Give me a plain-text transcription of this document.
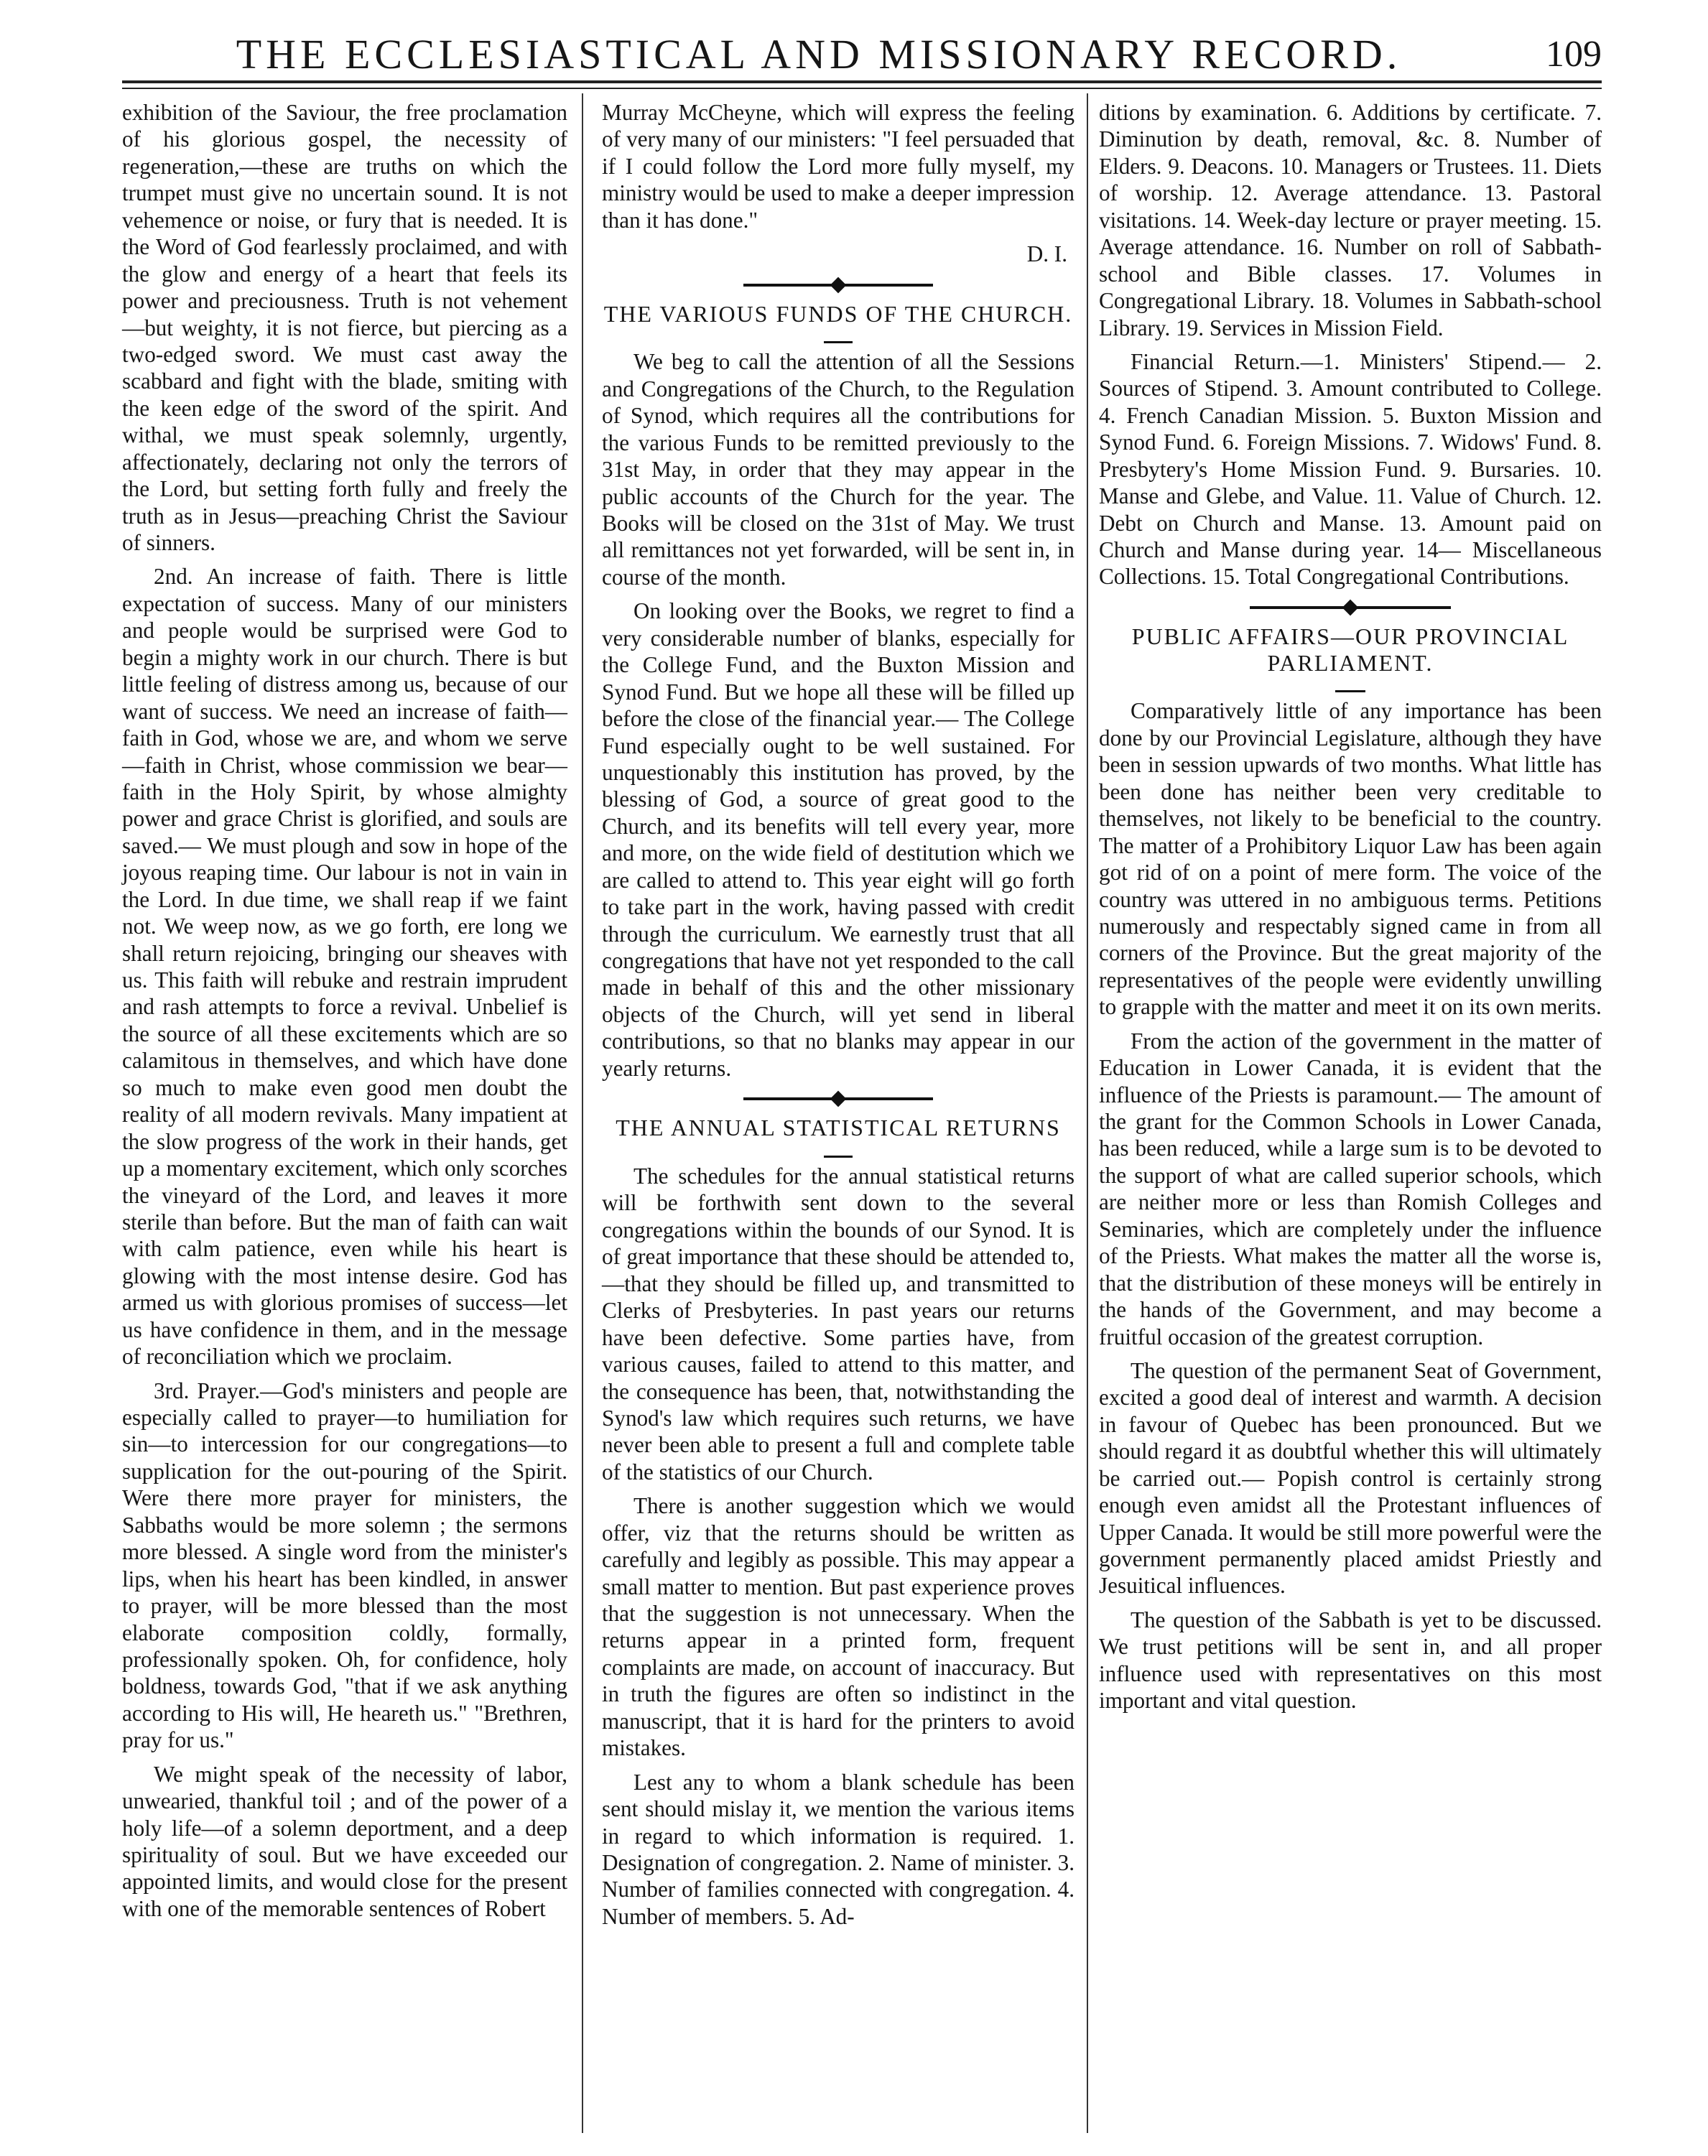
THE ECCLESIASTICAL AND MISSIONARY RECORD.	109

exhibition of the Saviour, the free proclamation of his glorious gospel, the necessity of regeneration,—these are truths on which the trumpet must give no uncertain sound. It is not vehemence or noise, or fury that is needed. It is the Word of God fearlessly proclaimed, and with the glow and energy of a heart that feels its power and preciousness. Truth is not vehement —but weighty, it is not fierce, but piercing as a two-edged sword. We must cast away the scabbard and fight with the blade, smiting with the keen edge of the sword of the spirit. And withal, we must speak solemnly, urgently, affectionately, declaring not only the terrors of the Lord, but setting forth fully and freely the truth as in Jesus—preaching Christ the Saviour of sinners.

2nd. An increase of faith. There is little expectation of success. Many of our ministers and people would be surprised were God to begin a mighty work in our church. There is but little feeling of distress among us, because of our want of success. We need an increase of faith—faith in God, whose we are, and whom we serve—faith in Christ, whose commission we bear—faith in the Holy Spirit, by whose almighty power and grace Christ is glorified, and souls are saved.— We must plough and sow in hope of the joyous reaping time. Our labour is not in vain in the Lord. In due time, we shall reap if we faint not. We weep now, as we go forth, ere long we shall return rejoicing, bringing our sheaves with us. This faith will rebuke and restrain imprudent and rash attempts to force a revival. Unbelief is the source of all these excitements which are so calamitous in themselves, and which have done so much to make even good men doubt the reality of all modern revivals. Many impatient at the slow progress of the work in their hands, get up a momentary excitement, which only scorches the vineyard of the Lord, and leaves it more sterile than before. But the man of faith can wait with calm patience, even while his heart is glowing with the most intense desire. God has armed us with glorious promises of success—let us have confidence in them, and in the message of reconciliation which we proclaim.

3rd. Prayer.—God's ministers and people are especially called to prayer—to humiliation for sin—to intercession for our congregations—to supplication for the out-pouring of the Spirit. Were there more prayer for ministers, the Sabbaths would be more solemn ; the sermons more blessed. A single word from the minister's lips, when his heart has been kindled, in answer to prayer, will be more blessed than the most elaborate composition coldly, formally, professionally spoken. Oh, for confidence, holy boldness, towards God, "that if we ask anything according to His will, He heareth us." "Brethren, pray for us."

We might speak of the necessity of labor, unwearied, thankful toil ; and of the power of a holy life—of a solemn deportment, and a deep spirituality of soul. But we have exceeded our appointed limits, and would close for the present with one of the memorable sentences of Robert

Murray McCheyne, which will express the feeling of very many of our ministers: "I feel persuaded that if I could follow the Lord more fully myself, my ministry would be used to make a deeper impression than it has done."

D. I.

THE VARIOUS FUNDS OF THE CHURCH.

We beg to call the attention of all the Sessions and Congregations of the Church, to the Regulation of Synod, which requires all the contributions for the various Funds to be remitted previously to the 31st May, in order that they may appear in the public accounts of the Church for the year. The Books will be closed on the 31st of May. We trust all remittances not yet forwarded, will be sent in, in course of the month.

On looking over the Books, we regret to find a very considerable number of blanks, especially for the College Fund, and the Buxton Mission and Synod Fund. But we hope all these will be filled up before the close of the financial year.— The College Fund especially ought to be well sustained. For unquestionably this institution has proved, by the blessing of God, a source of great good to the Church, and its benefits will tell every year, more and more, on the wide field of destitution which we are called to attend to. This year eight will go forth to take part in the work, having passed with credit through the curriculum. We earnestly trust that all congregations that have not yet responded to the call made in behalf of this and the other missionary objects of the Church, will yet send in liberal contributions, so that no blanks may appear in our yearly returns.

THE ANNUAL STATISTICAL RETURNS

The schedules for the annual statistical returns will be forthwith sent down to the several congregations within the bounds of our Synod. It is of great importance that these should be attended to,—that they should be filled up, and transmitted to Clerks of Presbyteries. In past years our returns have been defective. Some parties have, from various causes, failed to attend to this matter, and the consequence has been, that, notwithstanding the Synod's law which requires such returns, we have never been able to present a full and complete table of the statistics of our Church.

There is another suggestion which we would offer, viz that the returns should be written as carefully and legibly as possible. This may appear a small matter to mention. But past experience proves that the suggestion is not unnecessary. When the returns appear in a printed form, frequent complaints are made, on account of inaccuracy. But in truth the figures are often so indistinct in the manuscript, that it is hard for the printers to avoid mistakes.

Lest any to whom a blank schedule has been sent should mislay it, we mention the various items in regard to which information is required. 1. Designation of congregation. 2. Name of minister. 3. Number of families connected with congregation. 4. Number of members. 5. Ad-

ditions by examination. 6. Additions by certificate. 7. Diminution by death, removal, &c. 8. Number of Elders. 9. Deacons. 10. Managers or Trustees. 11. Diets of worship. 12. Average attendance. 13. Pastoral visitations. 14. Week-day lecture or prayer meeting. 15. Average attendance. 16. Number on roll of Sabbath-school and Bible classes. 17. Volumes in Congregational Library. 18. Volumes in Sabbath-school Library. 19. Services in Mission Field.

Financial Return.—1. Ministers' Stipend.— 2. Sources of Stipend. 3. Amount contributed to College. 4. French Canadian Mission. 5. Buxton Mission and Synod Fund. 6. Foreign Missions. 7. Widows' Fund. 8. Presbytery's Home Mission Fund. 9. Bursaries. 10. Manse and Glebe, and Value. 11. Value of Church. 12. Debt on Church and Manse. 13. Amount paid on Church and Manse during year. 14— Miscellaneous Collections. 15. Total Congregational Contributions.

PUBLIC AFFAIRS—OUR PROVINCIAL PARLIAMENT.

Comparatively little of any importance has been done by our Provincial Legislature, although they have been in session upwards of two months. What little has been done has neither been very creditable to themselves, not likely to be beneficial to the country. The matter of a Prohibitory Liquor Law has been again got rid of on a point of mere form. The voice of the country was uttered in no ambiguous terms. Petitions numerously and respectably signed came in from all corners of the Province. But the great majority of the representatives of the people were evidently unwilling to grapple with the matter and meet it on its own merits.

From the action of the government in the matter of Education in Lower Canada, it is evident that the influence of the Priests is paramount.— The amount of the grant for the Common Schools in Lower Canada, has been reduced, while a large sum is to be devoted to the support of what are called superior schools, which are neither more or less than Romish Colleges and Seminaries, which are completely under the influence of the Priests. What makes the matter all the worse is, that the distribution of these moneys will be entirely in the hands of the Government, and may become a fruitful occasion of the greatest corruption.

The question of the permanent Seat of Government, excited a good deal of interest and warmth. A decision in favour of Quebec has been pronounced. But we should regard it as doubtful whether this will ultimately be carried out.— Popish control is certainly strong enough even amidst all the Protestant influences of Upper Canada. It would be still more powerful were the government permanently placed amidst Priestly and Jesuitical influences.

The question of the Sabbath is yet to be discussed. We trust petitions will be sent in, and all proper influence used with representatives on this most important and vital question.
